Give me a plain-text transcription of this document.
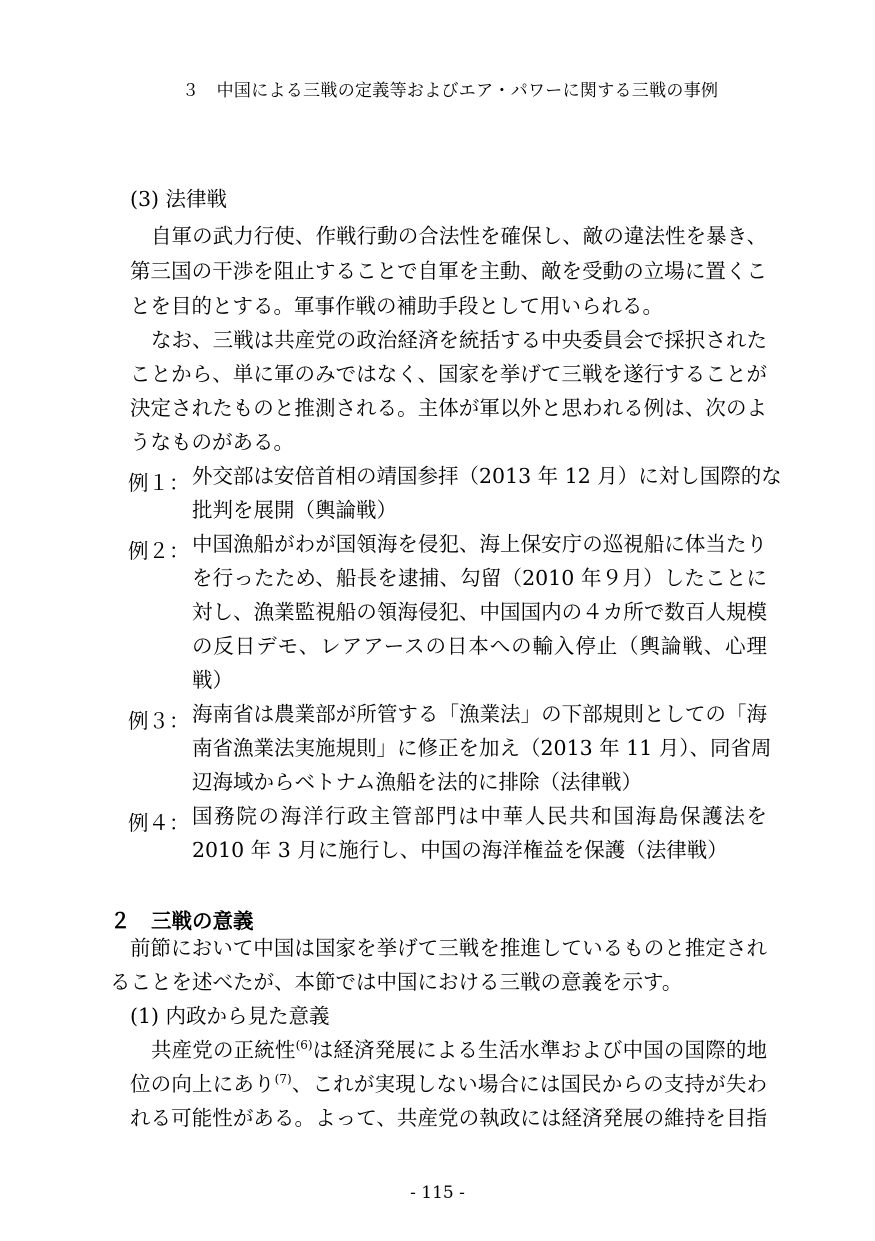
３　中国による三戦の定義等およびエア・パワーに関する三戦の事例
(3) 法律戦
自軍の武力行使、作戦行動の合法性を確保し、敵の違法性を暴き、
第三国の干渉を阻止することで自軍を主動、敵を受動の立場に置くこ
とを目的とする。軍事作戦の補助手段として用いられる。
なお、三戦は共産党の政治経済を統括する中央委員会で採択された
ことから、単に軍のみではなく、国家を挙げて三戦を遂行することが
決定されたものと推測される。主体が軍以外と思われる例は、次のよ
うなものがある。
例１： 外交部は安倍首相の靖国参拝（2013 年 12 月）に対し国際的な
批判を展開（輿論戦）
例２： 中国漁船がわが国領海を侵犯、海上保安庁の巡視船に体当たり
を行ったため、船長を逮捕、勾留（2010 年９月）したことに
対し、漁業監視船の領海侵犯、中国国内の４カ所で数百人規模
の反日デモ、レアアースの日本への輸入停止（輿論戦、心理
戦）
例３： 海南省は農業部が所管する「漁業法」の下部規則としての「海
南省漁業法実施規則」に修正を加え（2013 年 11 月）、同省周
辺海域からベトナム漁船を法的に排除（法律戦）
例４： 国務院の海洋行政主管部門は中華人民共和国海島保護法を
2010 年 3 月に施行し、中国の海洋権益を保護（法律戦）
２　三戦の意義
前節において中国は国家を挙げて三戦を推進しているものと推定され
ることを述べたが、本節では中国における三戦の意義を示す。
(1) 内政から見た意義
共産党の正統性$^{(6)}$は経済発展による生活水準および中国の国際的地
位の向上にあり$^{(7)}$、これが実現しない場合には国民からの支持が失わ
れる可能性がある。よって、共産党の執政には経済発展の維持を目指
- 115 -
